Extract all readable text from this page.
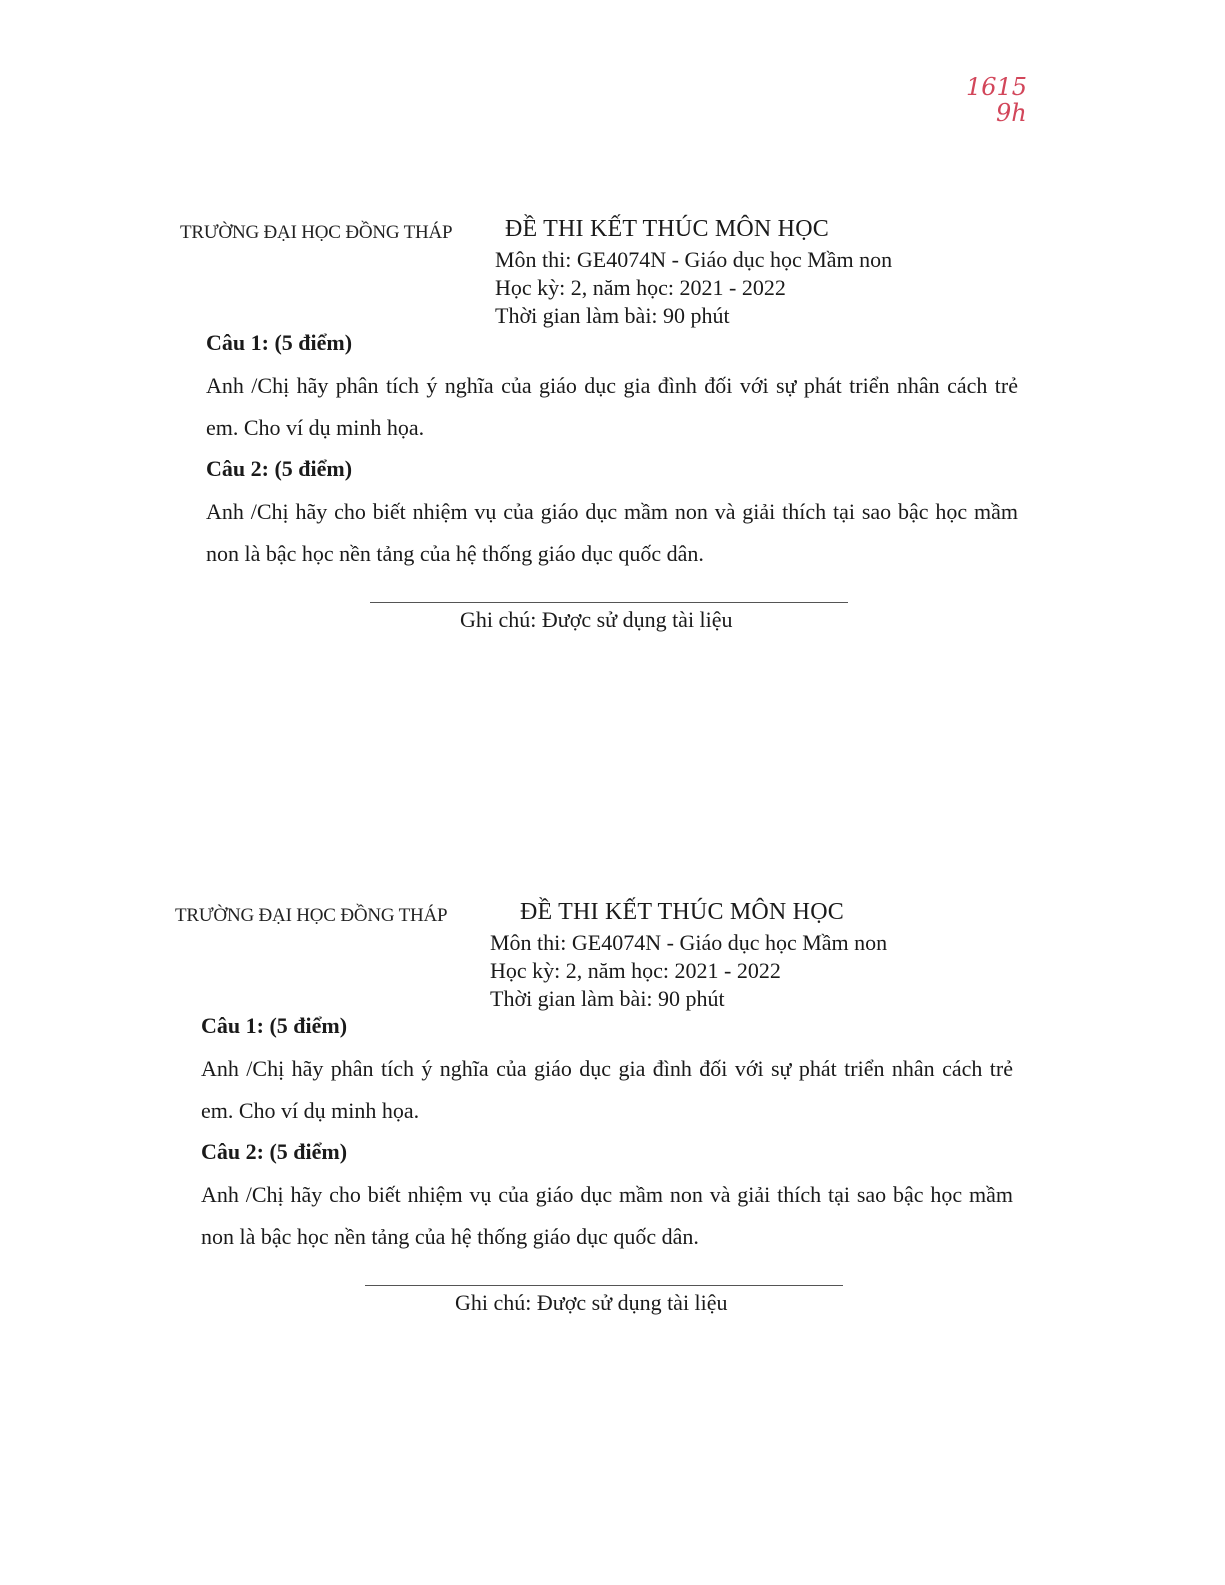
1615
9h
TRƯỜNG ĐẠI HỌC ĐỒNG THÁP ĐỀ THI KẾT THÚC MÔN HỌC
Môn thi: GE4074N - Giáo dục học Mầm non
Học kỳ: 2, năm học: 2021 - 2022
Thời gian làm bài: 90 phút
Câu 1: (5 điểm)
Anh /Chị hãy phân tích ý nghĩa của giáo dục gia đình đối với sự phát triển nhân cách trẻ em. Cho ví dụ minh họa.
Câu 2: (5 điểm)
Anh /Chị hãy cho biết nhiệm vụ của giáo dục mầm non và giải thích tại sao bậc học mầm non là bậc học nền tảng của hệ thống giáo dục quốc dân.
Ghi chú: Được sử dụng tài liệu
TRƯỜNG ĐẠI HỌC ĐỒNG THÁP	ĐỀ THI KẾT THÚC MÔN HỌC
Môn thi: GE4074N - Giáo dục học Mầm non
Học kỳ: 2, năm học: 2021 - 2022
Thời gian làm bài: 90 phút
Câu 1: (5 điểm)
Anh /Chị hãy phân tích ý nghĩa của giáo dục gia đình đối với sự phát triển nhân cách trẻ em. Cho ví dụ minh họa.
Câu 2: (5 điểm)
Anh /Chị hãy cho biết nhiệm vụ của giáo dục mầm non và giải thích tại sao bậc học mầm non là bậc học nền tảng của hệ thống giáo dục quốc dân.
Ghi chú: Được sử dụng tài liệu
